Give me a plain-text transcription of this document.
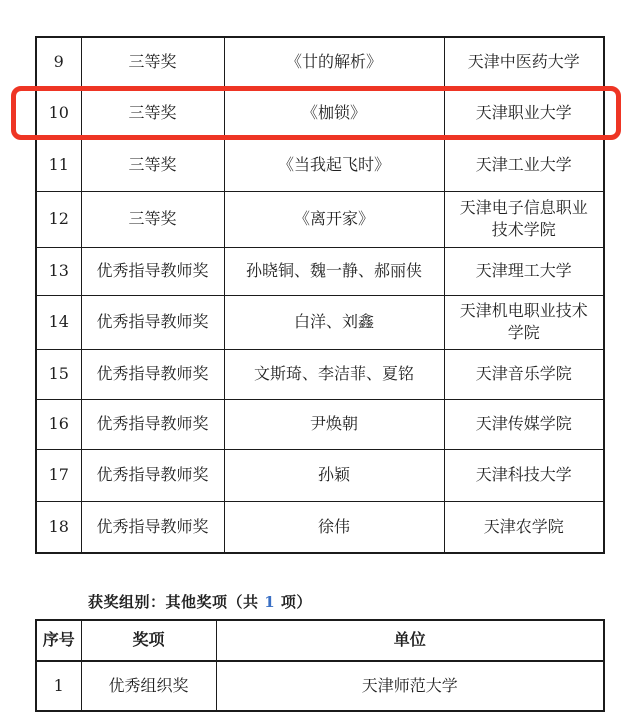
9	三等奖	《廿的解析》	天津中医药大学
10	三等奖	《枷锁》	天津职业大学
11	三等奖	《当我起飞时》	天津工业大学
12	三等奖	《离开家》	天津电子信息职业技术学院
13	优秀指导教师奖	孙晓铜、魏一静、郝丽侠	天津理工大学
14	优秀指导教师奖	白洋、刘鑫	天津机电职业技术学院
15	优秀指导教师奖	文斯琦、李洁菲、夏铭	天津音乐学院
16	优秀指导教师奖	尹焕朝	天津传媒学院
17	优秀指导教师奖	孙颖	天津科技大学
18	优秀指导教师奖	徐伟	天津农学院
获奖组别：其他奖项（共 1 项）
序号	奖项	单位
1	优秀组织奖	天津师范大学
